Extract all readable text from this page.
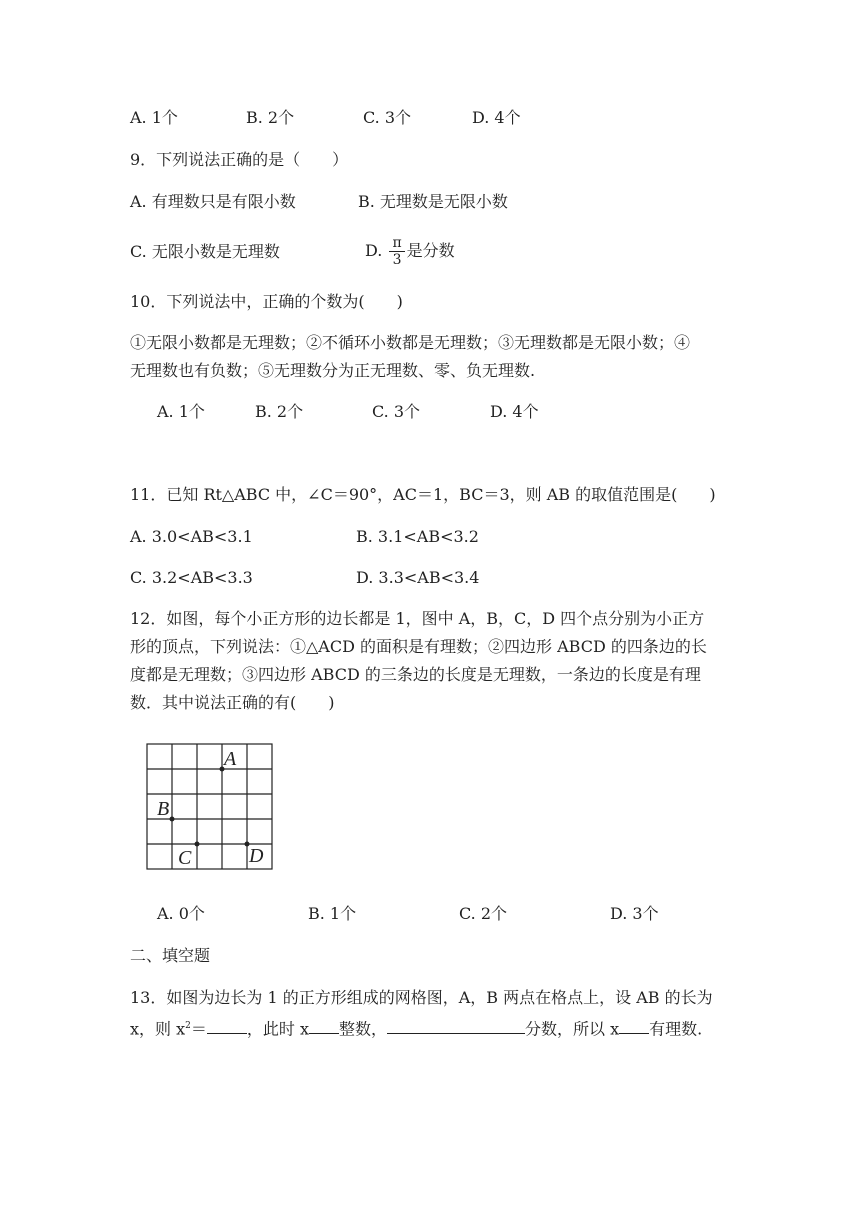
A. 1个	B. 2个	C. 3个	D. 4个
9．下列说法正确的是（　　）
A. 有理数只是有限小数	B. 无理数是无限小数
C. 无限小数是无理数	D. $\frac{\pi}{3}$ 是分数
10．下列说法中，正确的个数为(　　)
①无限小数都是无理数；②不循环小数都是无理数；③无理数都是无限小数；④
无理数也有负数；⑤无理数分为正无理数、零、负无理数.
A. 1个	B. 2个	C. 3个	D. 4个
11．已知 Rt△ABC 中，∠C＝90°，AC＝1，BC＝3，则 AB 的取值范围是(　　)
A. 3.0<AB<3.1	B. 3.1<AB<3.2
C. 3.2<AB<3.3	D. 3.3<AB<3.4
12．如图，每个小正方形的边长都是 1，图中 A，B，C，D 四个点分别为小正方
形的顶点，下列说法：①△ACD 的面积是有理数；②四边形 ABCD 的四条边的长
度都是无理数；③四边形 ABCD 的三条边的长度是无理数，一条边的长度是有理
数．其中说法正确的有(　　)
A
B
C	D
A. 0个	B. 1个	C. 2个	D. 3个
二、填空题
13．如图为边长为 1 的正方形组成的网格图，A，B 两点在格点上，设 AB 的长为
x，则 $x^2=$	，此时 x 整数，	分数，所以 x 有理数.
